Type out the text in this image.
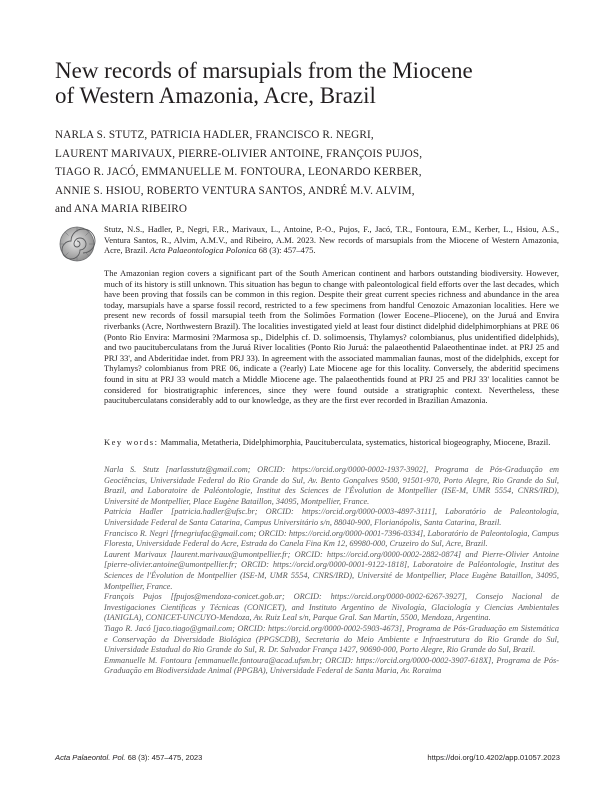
New records of marsupials from the Miocene
of Western Amazonia, Acre, Brazil
NARLA S. STUTZ, PATRICIA HADLER, FRANCISCO R. NEGRI,
LAURENT MARIVAUX, PIERRE-OLIVIER ANTOINE, FRANÇOIS PUJOS,
TIAGO R. JACÓ, EMMANUELLE M. FONTOURA, LEONARDO KERBER,
ANNIE S. HSIOU, ROBERTO VENTURA SANTOS, ANDRÉ M.V. ALVIM,
and ANA MARIA RIBEIRO
Stutz, N.S., Hadler, P., Negri, F.R., Marivaux, L., Antoine, P.-O., Pujos, F., Jacó, T.R., Fontoura, E.M., Kerber, L., Hsiou, A.S., Ventura Santos, R., Alvim, A.M.V., and Ribeiro, A.M. 2023. New records of marsupials from the Miocene of Western Amazonia, Acre, Brazil. Acta Palaeontologica Polonica 68 (3): 457–475.
The Amazonian region covers a significant part of the South American continent and harbors outstanding biodiversity. However, much of its history is still unknown. This situation has begun to change with paleontological field efforts over the last decades, which have been proving that fossils can be common in this region. Despite their great current species richness and abundance in the area today, marsupials have a sparse fossil record, restricted to a few specimens from handful Cenozoic Amazonian localities. Here we present new records of fossil marsupial teeth from the Solimões Formation (lower Eocene–Pliocene), on the Juruá and Envira riverbanks (Acre, Northwestern Brazil). The localities investigated yield at least four distinct didelphid didelphimorphians at PRE 06 (Ponto Rio Envira: Marmosini ?Marmosa sp., Didelphis cf. D. solimoensis, Thylamys? colombianus, plus unidentified didelphids), and two paucituberculatans from the Juruá River localities (Ponto Rio Juruá: the palaeothentid Palaeothentinae indet. at PRJ 25 and PRJ 33', and Abderitidae indet. from PRJ 33). In agreement with the associated mammalian faunas, most of the didelphids, except for Thylamys? colombianus from PRE 06, indicate a (?early) Late Miocene age for this locality. Conversely, the abderitid specimens found in situ at PRJ 33 would match a Middle Miocene age. The palaeothentids found at PRJ 25 and PRJ 33' localities cannot be considered for biostratigraphic inferences, since they were found outside a stratigraphic context. Nevertheless, these paucituberculatans considerably add to our knowledge, as they are the first ever recorded in Brazilian Amazonia.
Key words: Mammalia, Metatheria, Didelphimorphia, Paucituberculata, systematics, historical biogeography, Miocene, Brazil.

Narla S. Stutz [narlasstutz@gmail.com; ORCID: https://orcid.org/0000-0002-1937-3902], Programa de Pós-Graduação em Geociências, Universidade Federal do Rio Grande do Sul, Av. Bento Gonçalves 9500, 91501-970, Porto Alegre, Rio Grande do Sul, Brazil, and Laboratoire de Paléontologie, Institut des Sciences de l'Évolution de Montpellier (ISE-M, UMR 5554, CNRS/IRD), Université de Montpellier, Place Eugène Bataillon, 34095, Montpellier, France.

Patricia Hadler [patricia.hadler@ufsc.br; ORCID: https://orcid.org/0000-0003-4897-3111], Laboratório de Paleontologia, Universidade Federal de Santa Catarina, Campus Universitário s/n, 88040-900, Florianópolis, Santa Catarina, Brazil.

Francisco R. Negri [frnegriufac@gmail.com; ORCID: https://orcid.org/0000-0001-7396-0334], Laboratório de Paleontologia, Campus Floresta, Universidade Federal do Acre, Estrada do Canela Fina Km 12, 69980-000, Cruzeiro do Sul, Acre, Brazil.

Laurent Marivaux [laurent.marivaux@umontpellier.fr; ORCID: https://orcid.org/0000-0002-2882-0874] and Pierre-Olivier Antoine [pierre-olivier.antoine@umontpellier.fr; ORCID: https://orcid.org/0000-0001-9122-1818], Laboratoire de Paléontologie, Institut des Sciences de l'Évolution de Montpellier (ISE-M, UMR 5554, CNRS/IRD), Université de Montpellier, Place Eugène Bataillon, 34095, Montpellier, France.

François Pujos [fpujos@mendoza-conicet.gob.ar; ORCID: https://orcid.org/0000-0002-6267-3927], Consejo Nacional de Investigaciones Científicas y Técnicas (CONICET), and Instituto Argentino de Nivología, Glaciología y Ciencias Ambientales (IANIGLA), CONICET-UNCUYO-Mendoza, Av. Ruiz Leal s/n, Parque Gral. San Martín, 5500, Mendoza, Argentina.

Tiago R. Jacó [jaco.tiago@gmail.com; ORCID: https://orcid.org/0000-0002-5903-4673], Programa de Pós-Graduação em Sistemática e Conservação da Diversidade Biológica (PPGSCDB), Secretaria do Meio Ambiente e Infraestrutura do Rio Grande do Sul, Universidade Estadual do Rio Grande do Sul, R. Dr. Salvador França 1427, 90690-000, Porto Alegre, Rio Grande do Sul, Brazil.

Emmanuelle M. Fontoura [emmanuelle.fontoura@acad.ufsm.br; ORCID: https://orcid.org/0000-0002-3907-618X], Programa de Pós-Graduação em Biodiversidade Animal (PPGBA), Universidade Federal de Santa Maria, Av. Roraima

Acta Palaeontol. Pol. 68 (3): 457–475, 2023	https://doi.org/10.4202/app.01057.2023
